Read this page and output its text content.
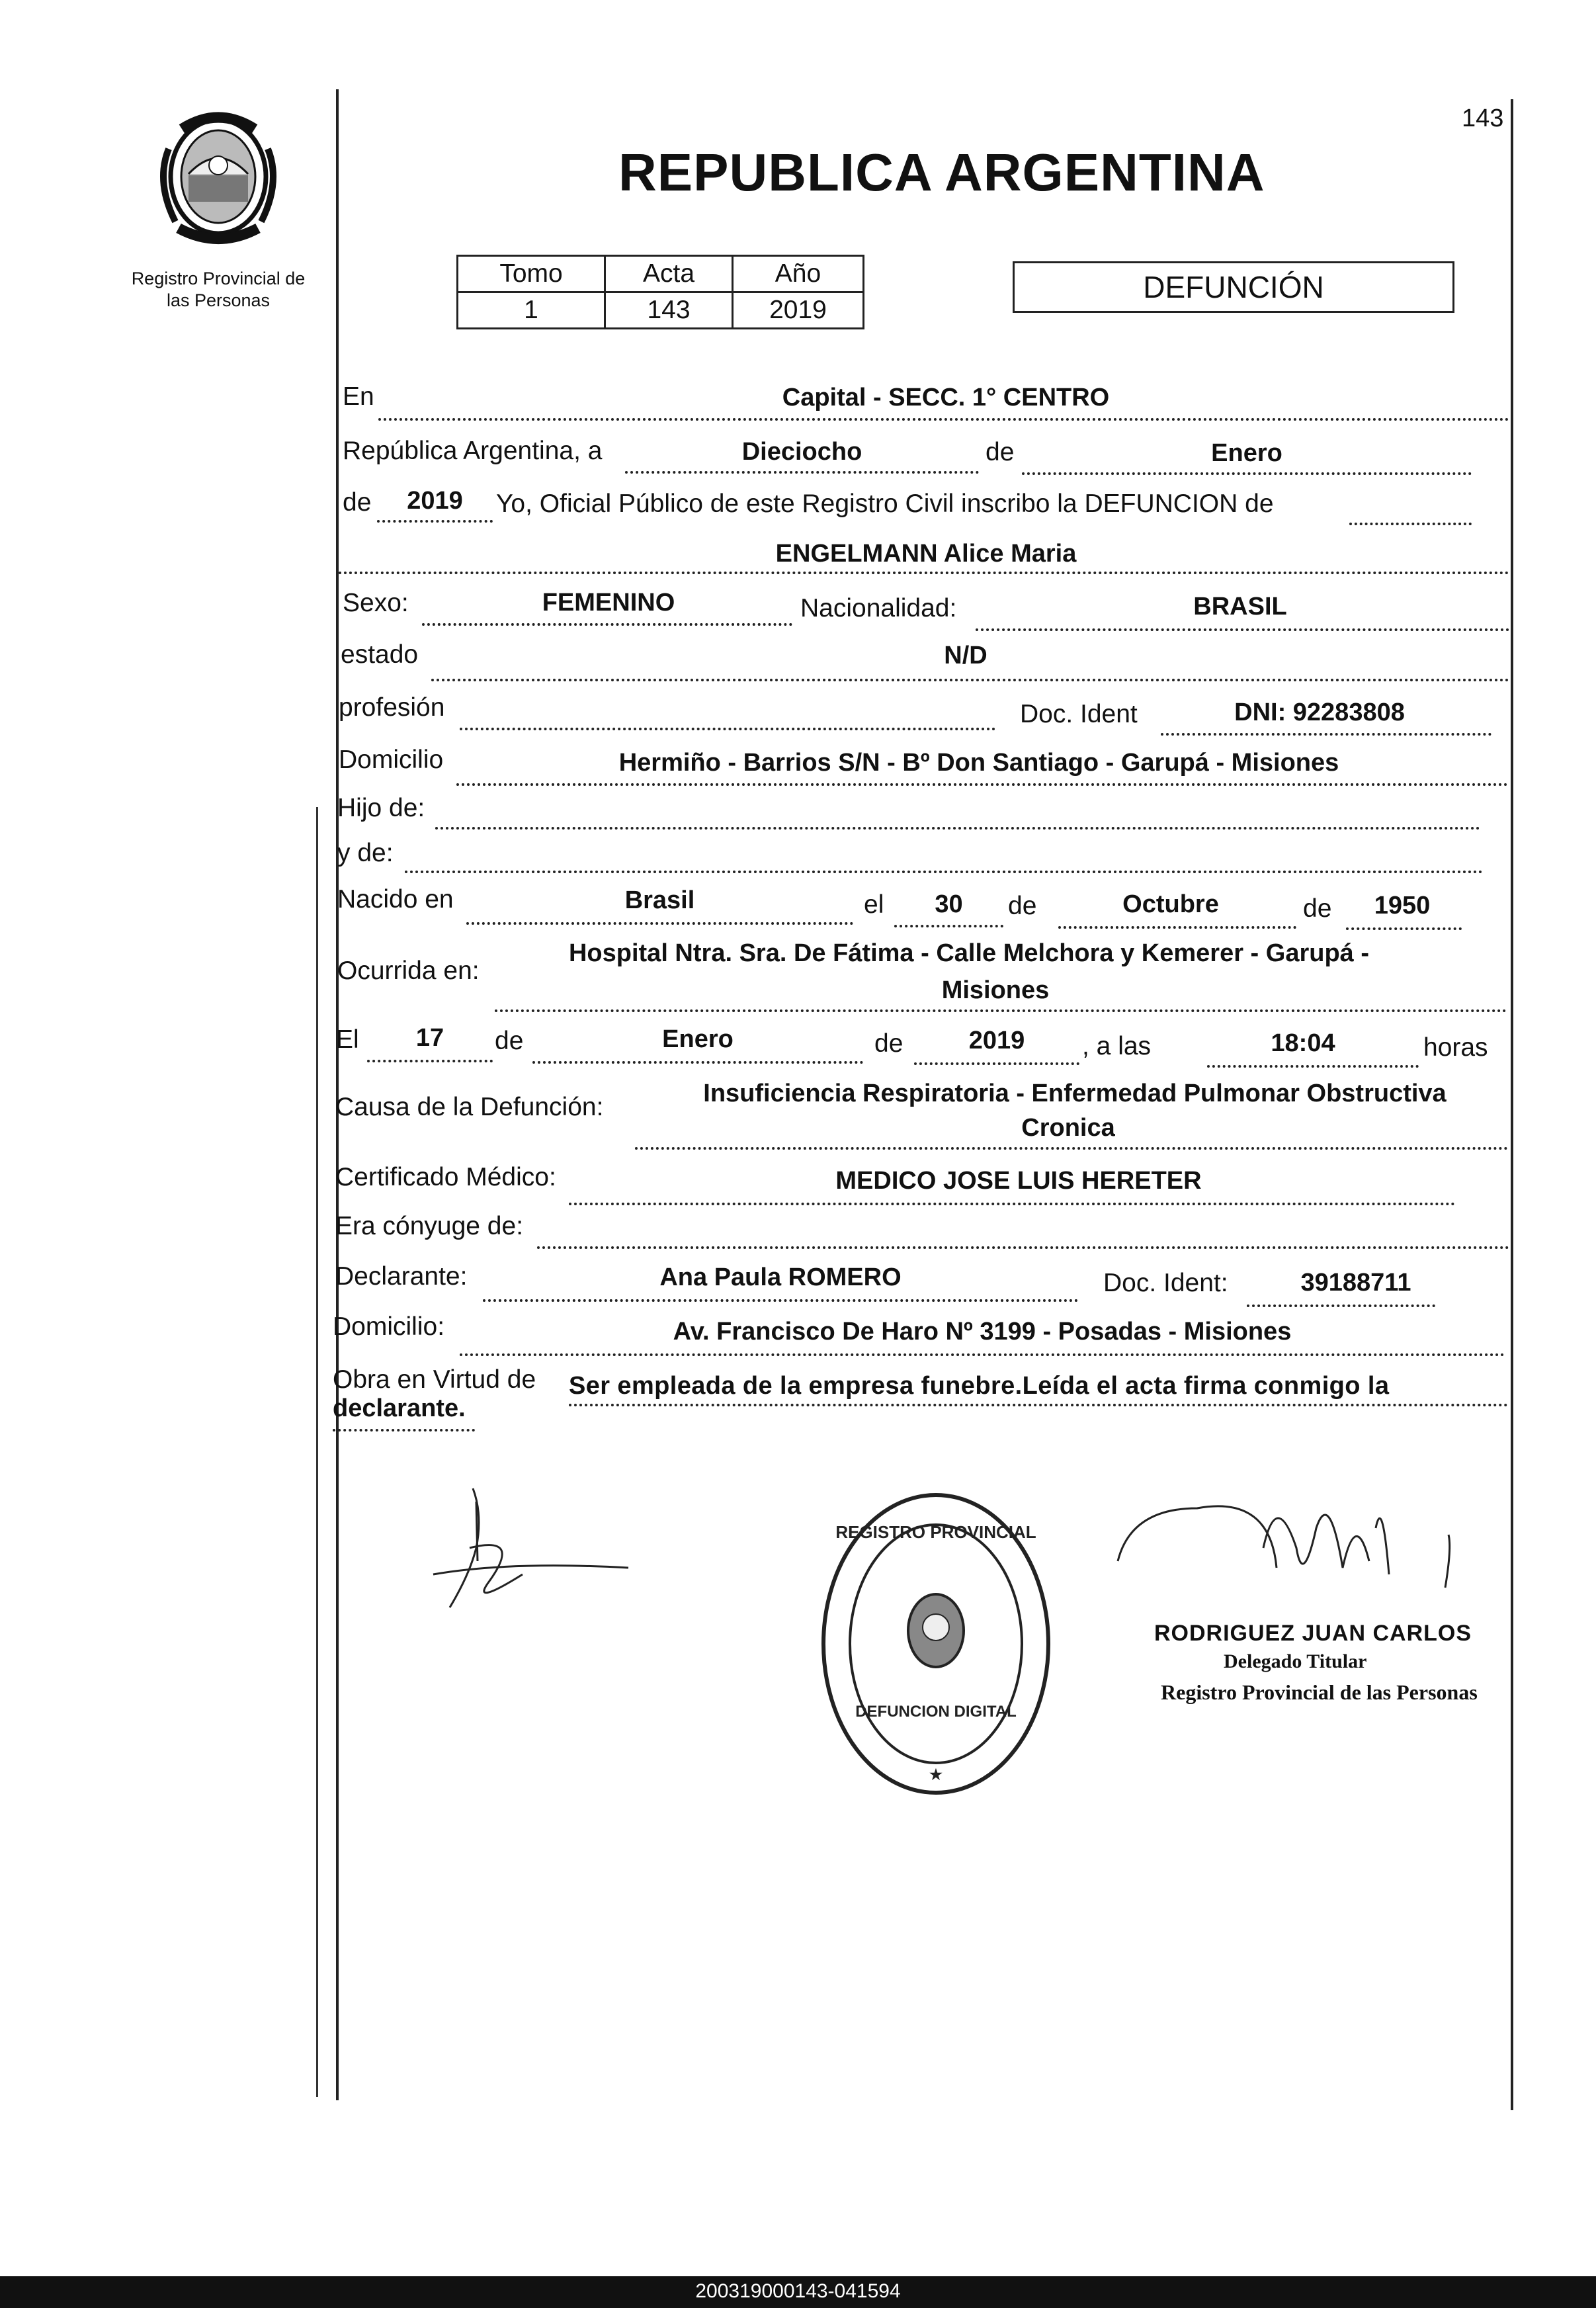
143
Registro Provincial de
las Personas
REPUBLICA ARGENTINA
Tomo	Acta	Año
1	143	2019
DEFUNCIÓN
En	Capital - SECC. 1° CENTRO
República Argentina, a	Dieciocho	de	Enero
de	2019	Yo, Oficial Público de este Registro Civil inscribo la DEFUNCION de
ENGELMANN Alice Maria
Sexo:	FEMENINO	Nacionalidad:	BRASIL
estado	N/D
profesión	Doc. Ident	DNI: 92283808
Domicilio	Hermiño - Barrios S/N - Bº Don Santiago - Garupá - Misiones
Hijo de:
y de:
Nacido en	Brasil	el	30	de	Octubre	de	1950
Ocurrida en:
Hospital Ntra. Sra. De Fátima - Calle Melchora y Kemerer - Garupá -
Misiones
El	17	de	Enero	de	2019	, a las	18:04	horas
Causa de la Defunción:	Insuficiencia Respiratoria - Enfermedad Pulmonar Obstructiva
Cronica
Certificado Médico:	MEDICO JOSE LUIS HERETER
Era cónyuge de:
Declarante:	Ana Paula ROMERO	Doc. Ident:	39188711
Domicilio:	Av. Francisco De Haro Nº 3199 - Posadas - Misiones
Obra en Virtud de Ser empleada de la empresa funebre.Leída el acta firma conmigo la
declarante.
REGISTRO PROVINCIAL
★
DEFUNCION DIGITAL
RODRIGUEZ JUAN CARLOS
Delegado Titular
Registro Provincial de las Personas
200319000143-041594
